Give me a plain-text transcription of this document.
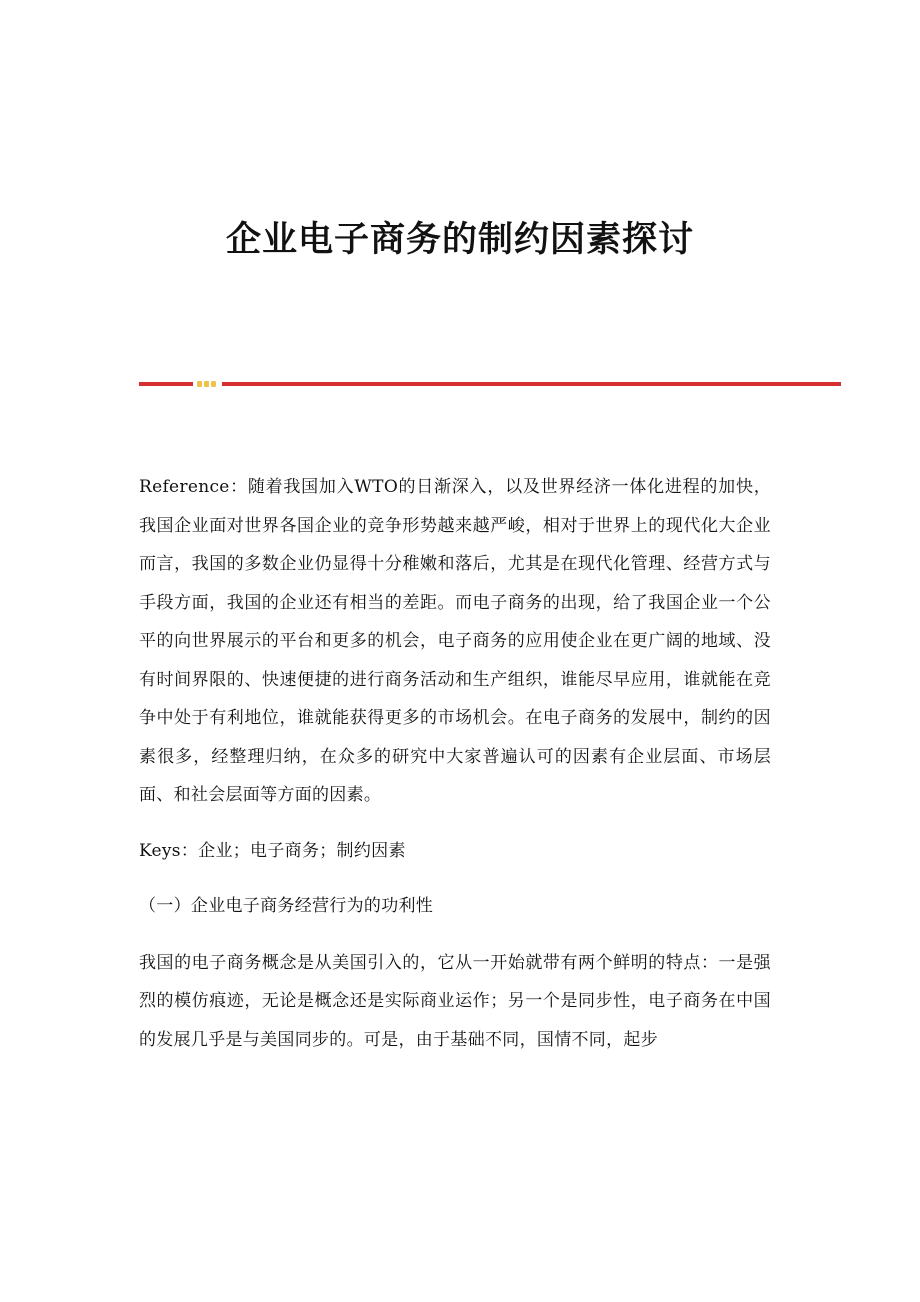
企业电子商务的制约因素探讨

Reference：随着我国加入WTO的日渐深入，以及世界经济一体化进程的加快，我国企业面对世界各国企业的竞争形势越来越严峻，相对于世界上的现代化大企业而言，我国的多数企业仍显得十分稚嫩和落后，尤其是在现代化管理、经营方式与手段方面，我国的企业还有相当的差距。而电子商务的出现，给了我国企业一个公平的向世界展示的平台和更多的机会，电子商务的应用使企业在更广阔的地域、没有时间界限的、快速便捷的进行商务活动和生产组织，谁能尽早应用，谁就能在竞争中处于有利地位，谁就能获得更多的市场机会。在电子商务的发展中，制约的因素很多，经整理归纳，在众多的研究中大家普遍认可的因素有企业层面、市场层面、和社会层面等方面的因素。

Keys：企业；电子商务；制约因素

（一）企业电子商务经营行为的功利性

我国的电子商务概念是从美国引入的，它从一开始就带有两个鲜明的特点：一是强烈的模仿痕迹，无论是概念还是实际商业运作；另一个是同步性，电子商务在中国的发展几乎是与美国同步的。可是，由于基础不同，国情不同，起步
